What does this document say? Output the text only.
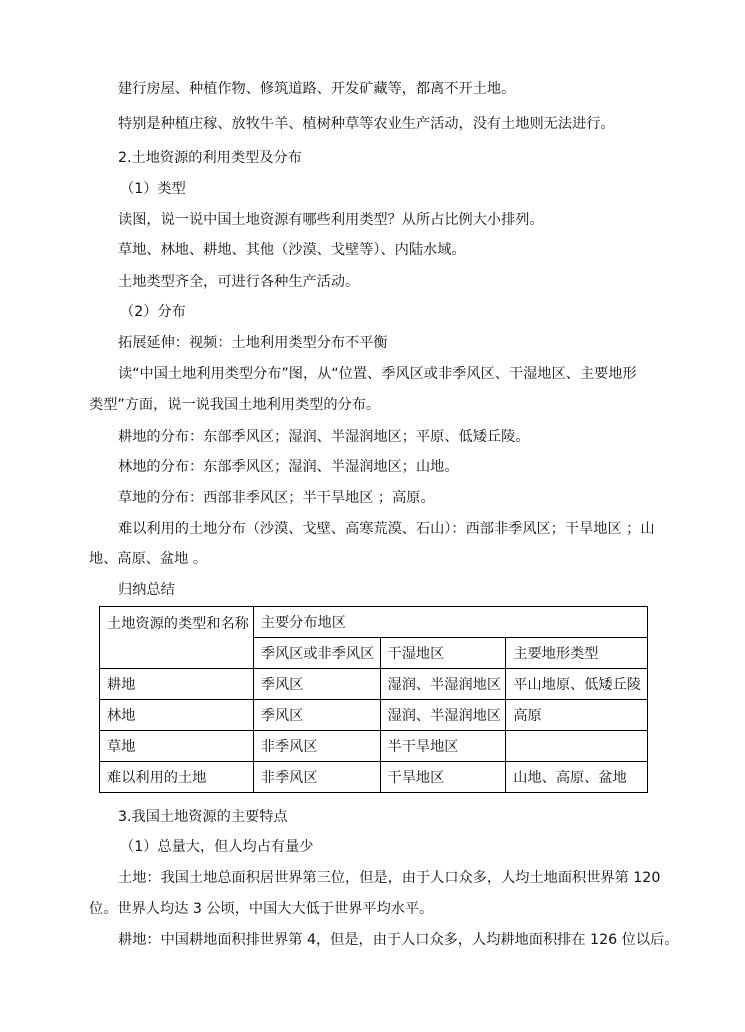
建行房屋、种植作物、修筑道路、开发矿藏等，都离不开土地。
特别是种植庄稼、放牧牛羊、植树种草等农业生产活动，没有土地则无法进行。
2.土地资源的利用类型及分布
（1）类型
读图，说一说中国土地资源有哪些利用类型？从所占比例大小排列。
草地、林地、耕地、其他（沙漠、戈壁等）、内陆水域。
土地类型齐全，可进行各种生产活动。
（2）分布
拓展延伸：视频：土地利用类型分布不平衡
读“中国土地利用类型分布”图，从“位置、季风区或非季风区、干湿地区、主要地形
类型”方面，说一说我国土地利用类型的分布。
耕地的分布：东部季风区；湿润、半湿润地区；平原、低矮丘陵。
林地的分布：东部季风区；湿润、半湿润地区；山地。
草地的分布：西部非季风区；半干旱地区 ；高原。
难以利用的土地分布（沙漠、戈壁、高寒荒漠、石山）：西部非季风区；干旱地区 ；山
地、高原、盆地 。
归纳总结
土地资源的类型和名称	主要分布地区		
	季风区或非季风区	干湿地区	主要地形类型
耕地	季风区	湿润、半湿润地区	平山地原、低矮丘陵
林地	季风区	湿润、半湿润地区	高原
草地	非季风区	半干旱地区	
难以利用的土地	非季风区	干旱地区	山地、高原、盆地
3.我国土地资源的主要特点
（1）总量大，但人均占有量少
土地：我国土地总面积居世界第三位，但是，由于人口众多，人均土地面积世界第 120
位。世界人均达 3 公顷，中国大大低于世界平均水平。
耕地：中国耕地面积排世界第 4，但是，由于人口众多，人均耕地面积排在 126 位以后。
